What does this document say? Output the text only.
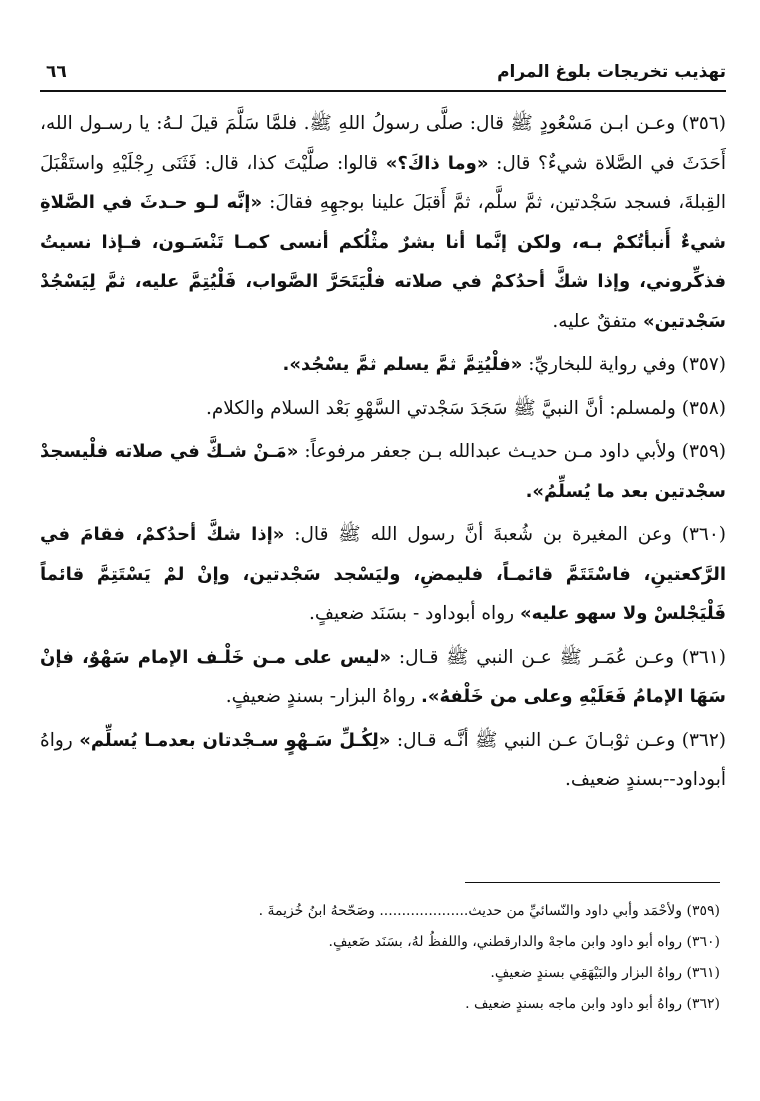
تهذيب تخريجات بلوغ المرام
٦٦

(٣٥٦) وعـن ابـن مَسْعُودٍ ﷺ قال: صلَّى رسولُ اللهِ ﷺ. فلمَّا سَلَّمَ قيلَ لـهُ: يا رسـول الله، أَحَدَثَ في الصَّلاة شيءٌ؟ قال: «وما ذاكَ؟» قالوا: صلَّيْتَ كذا، قال: فَثَنَى رِجْلَيْهِ واستَقْبَلَ القِبلةَ، فسجد سَجْدتين، ثمَّ سلَّم، ثمَّ أَقبَلَ علينا بوجهِهِ فقالَ: «إنَّه لـو حـدثَ في الصَّلاةِ شيءٌ أَنبأتُكمْ بـه، ولكن إنَّما أنا بشرٌ مثْلُكم أنسى كمـا تَنْسَـون، فـإذا نسيتُ فذكِّروني، وإذا شكَّ أحدُكمْ في صلاته فلْيَتَحَرَّ الصَّواب، فَلْيُتِمَّ عليه، ثمَّ لِيَسْجُدْ سَجْدتين» متفقٌ عليه.

(٣٥٧) وفي رواية للبخاريِّ: «فلْيُتِمَّ ثمَّ يسلم ثمَّ يسْجُد».

(٣٥٨) ولمسلم: أنَّ النبيَّ ﷺ سَجَدَ سَجْدتي السَّهْوِ بَعْد السلام والكلام.

(٣٥٩) ولأبي داود مـن حديـث عبدالله بـن جعفر مرفوعاً: «مَـنْ شـكَّ في صلاته فلْيسجدْ سجْدتين بعد ما يُسلِّمُ».

(٣٦٠) وعن المغيرة بن شُعبةَ أنَّ رسول الله ﷺ قال: «إذا شكَّ أحدُكمْ، فقامَ في الرَّكعتينِ، فاسْتَتَمَّ قائمـاً، فليمضِ، وليَسْجد سَجْدتين، وإنْ لمْ يَسْتَتِمَّ قائماً فَلْيَجْلسْ ولا سهو عليه» رواه أبوداود - بسَنَد ضعيفٍ.

(٣٦١) وعـن عُمَـر ﷺ عـن النبي ﷺ قـال: «ليس على مـن خَلْـف الإمام سَهْوٌ، فإنْ سَهَا الإمامُ فَعَلَيْهِ وعلى من خَلْفهُ». رواهُ البزار- بسندٍ ضعيفٍ.

(٣٦٢) وعـن ثوْبـانَ عـن النبي ﷺ أنَّـه قـال: «لِكُـلِّ سَـهْوٍ سـجْدتان بعدمـا يُسلِّم» رواهُ أبوداود--بسندٍ ضعيف.

(٣٥٩) ولأحْمَد وأبي داود والنّسائيِّ من حديث.................... وصَحّحهُ ابنُ خُزيمةَ .
(٣٦٠) رواه أبو داود وابن ماجهْ والدارقطني، واللفظُ لهُ، بسَنَد ضَعيفٍ.
(٣٦١) رواهُ البزار والبَيْهَقِي بسندٍ ضعيفٍ.
(٣٦٢) رواهُ أبو داود وابن ماجه بسندٍ ضعيف .
